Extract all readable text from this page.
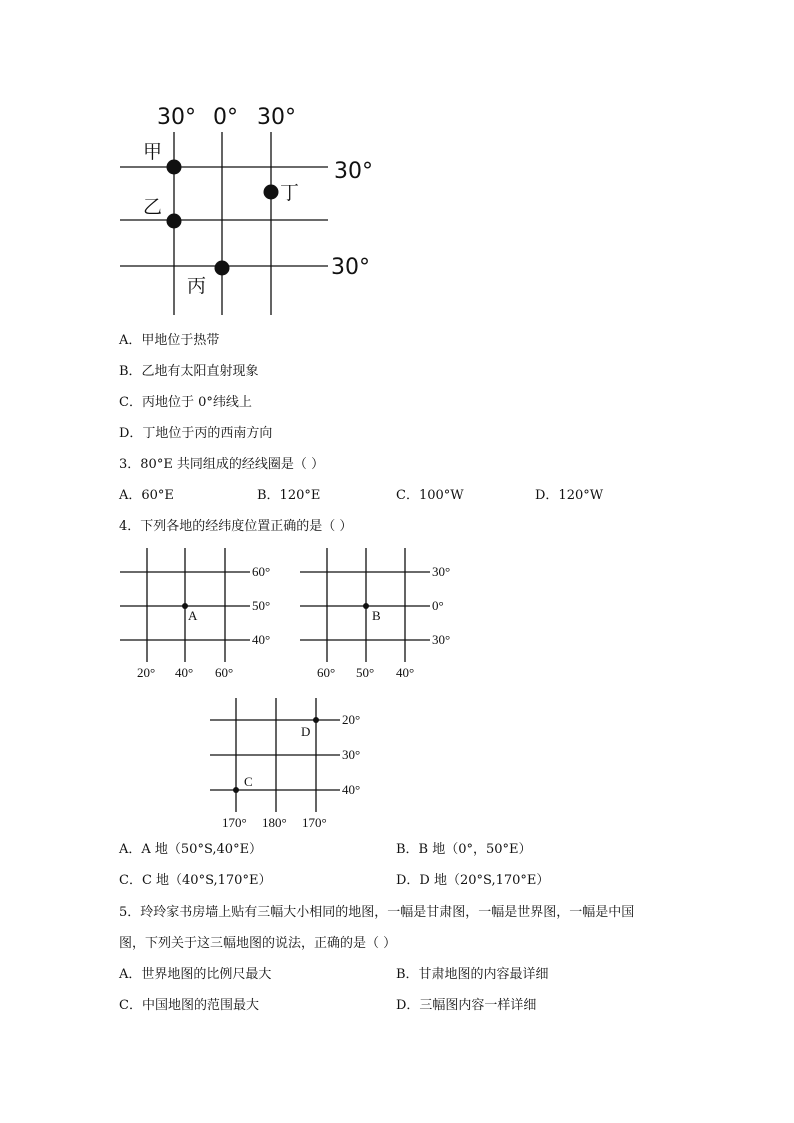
30° 0° 30°
30°
30°
甲
乙
丙
丁
A
60°
50°
40°
20° 40° 60°
B
30°
0°
30°
60° 50° 40°
D
C
20°
30°
40°
170° 180° 170°
A．甲地位于热带
B．乙地有太阳直射现象
C．丙地位于 0°纬线上
D．丁地位于丙的西南方向
3．80°E 共同组成的经线圈是（ ）
A．60°E	B．120°E	C．100°W	D．120°W
4．下列各地的经纬度位置正确的是（ ）
A．A 地（50°S,40°E）	B．B 地（0°，50°E）
C．C 地（40°S,170°E）	D．D 地（20°S,170°E）
5．玲玲家书房墙上贴有三幅大小相同的地图，一幅是甘肃图，一幅是世界图，一幅是中国
图，下列关于这三幅地图的说法，正确的是（ ）
A．世界地图的比例尺最大	B．甘肃地图的内容最详细
C．中国地图的范围最大	D．三幅图内容一样详细
